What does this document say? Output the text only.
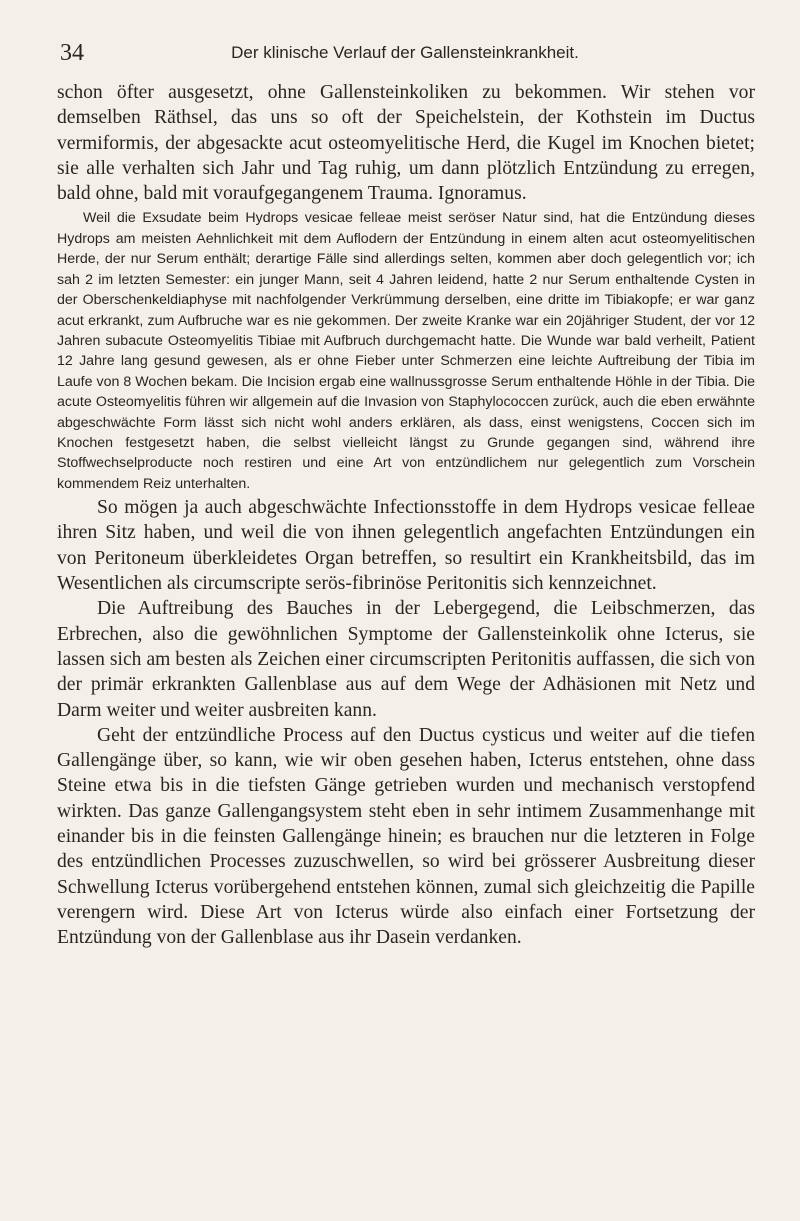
34	Der klinische Verlauf der Gallensteinkrankheit.

schon öfter ausgesetzt, ohne Gallensteinkoliken zu bekommen. Wir stehen vor demselben Räthsel, das uns so oft der Speichelstein, der Kothstein im Ductus vermiformis, der abgesackte acut osteomyelitische Herd, die Kugel im Knochen bietet; sie alle verhalten sich Jahr und Tag ruhig, um dann plötzlich Entzündung zu erregen, bald ohne, bald mit voraufgegangenem Trauma. Ignoramus.

Weil die Exsudate beim Hydrops vesicae felleae meist seröser Natur sind, hat die Entzündung dieses Hydrops am meisten Aehnlichkeit mit dem Auflodern der Entzündung in einem alten acut osteomyelitischen Herde, der nur Serum enthält; derartige Fälle sind allerdings selten, kommen aber doch gelegentlich vor; ich sah 2 im letzten Semester: ein junger Mann, seit 4 Jahren leidend, hatte 2 nur Serum enthaltende Cysten in der Oberschenkeldiaphyse mit nachfolgender Verkrümmung derselben, eine dritte im Tibiakopfe; er war ganz acut erkrankt, zum Aufbruche war es nie gekommen. Der zweite Kranke war ein 20jähriger Student, der vor 12 Jahren subacute Osteomyelitis Tibiae mit Aufbruch durchgemacht hatte. Die Wunde war bald verheilt, Patient 12 Jahre lang gesund gewesen, als er ohne Fieber unter Schmerzen eine leichte Auftreibung der Tibia im Laufe von 8 Wochen bekam. Die Incision ergab eine wallnussgrosse Serum enthaltende Höhle in der Tibia. Die acute Osteomyelitis führen wir allgemein auf die Invasion von Staphylococcen zurück, auch die eben erwähnte abgeschwächte Form lässt sich nicht wohl anders erklären, als dass, einst wenigstens, Coccen sich im Knochen festgesetzt haben, die selbst vielleicht längst zu Grunde gegangen sind, während ihre Stoffwechselproducte noch restiren und eine Art von entzündlichem nur gelegentlich zum Vorschein kommendem Reiz unterhalten.

So mögen ja auch abgeschwächte Infectionsstoffe in dem Hydrops vesicae felleae ihren Sitz haben, und weil die von ihnen gelegentlich angefachten Entzündungen ein von Peritoneum überkleidetes Organ betreffen, so resultirt ein Krankheitsbild, das im Wesentlichen als circumscripte serös-fibrinöse Peritonitis sich kennzeichnet.

Die Auftreibung des Bauches in der Lebergegend, die Leibschmerzen, das Erbrechen, also die gewöhnlichen Symptome der Gallensteinkolik ohne Icterus, sie lassen sich am besten als Zeichen einer circumscripten Peritonitis auffassen, die sich von der primär erkrankten Gallenblase aus auf dem Wege der Adhäsionen mit Netz und Darm weiter und weiter ausbreiten kann.

Geht der entzündliche Process auf den Ductus cysticus und weiter auf die tiefen Gallengänge über, so kann, wie wir oben gesehen haben, Icterus entstehen, ohne dass Steine etwa bis in die tiefsten Gänge getrieben wurden und mechanisch verstopfend wirkten. Das ganze Gallengangsystem steht eben in sehr intimem Zusammenhange mit einander bis in die feinsten Gallengänge hinein; es brauchen nur die letzteren in Folge des entzündlichen Processes zuzuschwellen, so wird bei grösserer Ausbreitung dieser Schwellung Icterus vorübergehend entstehen können, zumal sich gleichzeitig die Papille verengern wird. Diese Art von Icterus würde also einfach einer Fortsetzung der Entzündung von der Gallenblase aus ihr Dasein verdanken.
